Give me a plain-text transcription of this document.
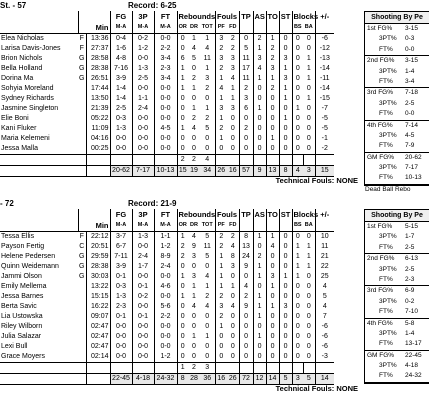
St. - 57	Record: 6-25
			FG	3P	FT	Rebounds			Fouls		TP	AS	TO	ST	Blocks		+/-
		Min	M-A	M-A	M-A	OR	DR	TOT	PF	FD					BS	BA	
Elea Nicholas	F	13:36	0-4	0-2	0-0	0	1	1	3	2	0	2	1	0	0	0	-6
Larisa Davis-Jones	F	27:37	1-6	1-2	2-2	0	4	4	2	2	5	1	2	0	0	0	-12
Brion Nichols	G	28:58	4-8	0-0	3-4	6	5	11	3	3	11	3	2	3	0	1	-13
Bella Holland	G	28:38	7-16	1-3	2-3	1	0	1	2	3	17	4	3	1	0	1	-14
Dorina Ma	G	26:51	3-9	2-5	3-4	1	2	3	1	4	11	1	1	3	0	1	-11
Sohyia Moreland		17:44	1-4	0-0	0-0	1	1	2	4	1	2	0	2	1	0	0	-14
Sydney Richards		13:50	1-4	1-1	0-0	0	0	0	1	1	3	0	0	1	0	1	-15
Jasmine Singleton		21:39	2-5	2-4	0-0	0	1	1	3	3	6	1	0	0	1	0	-7
Elie Boni		05:22	0-3	0-0	0-0	0	2	2	1	0	0	0	0	1	0	0	-5
Kani Fluker		11:09	1-3	0-0	4-5	1	4	5	2	0	2	0	0	0	0	0	-5
Maria Kelemeni		04:16	0-0	0-0	0-0	0	0	0	1	0	0	0	1	0	0	0	-1
Jessa Malla		00:25	0-0	0-0	0-0	0	0	0	0	0	0	0	0	0	0	0	-2
						2	2	4									
			20-62	7-17	10-13	15	19	34	26	16	57	9	13	8	4	3	15
Technical Fouls: NONE
Shooting By Pe
1st FG% 3-15
3PT% 0-3
FT% 0-0
2nd FG% 3-15
3PT% 1-4
FT% 3-4
3rd FG% 7-18
3PT% 2-5
FT% 0-0
4th FG% 7-14
3PT% 4-5
FT% 7-9
GM FG% 20-62
3PT% 7-17
FT% 10-13
Dead Ball Rebo
- 72	Record: 21-9
			FG	3P	FT	Rebounds			Fouls		TP	AS	TO	ST	Blocks		+/-
		Min	M-A	M-A	M-A	OR	DR	TOT	PF	FD					BS	BA	
Tessa Ellis	F	22:12	3-7	1-3	1-1	1	4	5	2	2	8	1	1	0	0	0	10
Payson Fertig	C	20:51	6-7	0-0	1-2	2	9	11	2	4	13	0	4	0	1	1	11
Helene Pedersen	G	29:59	7-11	2-4	8-9	2	3	5	1	8	24	2	0	0	1	1	21
Quinn Weidemann	G	28:38	3-9	1-7	2-4	0	0	0	1	3	9	1	0	0	1	1	22
Jammi Olson	G	30:03	0-1	0-0	0-0	1	3	4	1	0	0	1	3	1	1	0	25
Emily Mellema		13:22	0-3	0-1	4-6	0	1	1	1	1	4	0	1	0	0	0	4
Jessa Barnes		15:15	1-3	0-2	0-0	1	1	2	2	0	2	1	0	0	0	0	5
Berta Savic		16:22	2-3	0-0	5-6	0	4	4	3	4	9	1	1	3	0	0	4
Lia Ustowska		09:07	0-1	0-1	2-2	0	0	0	2	0	0	1	0	0	0	0	7
Riley Wilborn		02:47	0-0	0-0	0-0	0	0	0	1	0	0	0	0	0	0	0	-6
Julia Salazar		02:47	0-0	0-0	0-0	0	1	1	0	0	0	1	0	0	0	0	-6
Lexi Bull		02:47	0-0	0-0	0-0	0	0	0	0	0	0	0	0	0	0	0	-6
Grace Moyers		02:14	0-0	0-0	1-2	0	0	0	0	0	0	0	0	0	0	0	-3
						1	2	3									
			22-45	4-18	24-32	8	28	36	16	26	72	12	14	5	3	5	14
Technical Fouls: NONE
Shooting By Pe
1st FG% 5-15
3PT% 1-7
FT% 2-5
2nd FG% 6-13
3PT% 2-5
FT% 2-3
3rd FG% 6-9
3PT% 0-2
FT% 7-10
4th FG% 5-8
3PT% 1-4
FT% 13-17
GM FG% 22-45
3PT% 4-18
FT% 24-32
